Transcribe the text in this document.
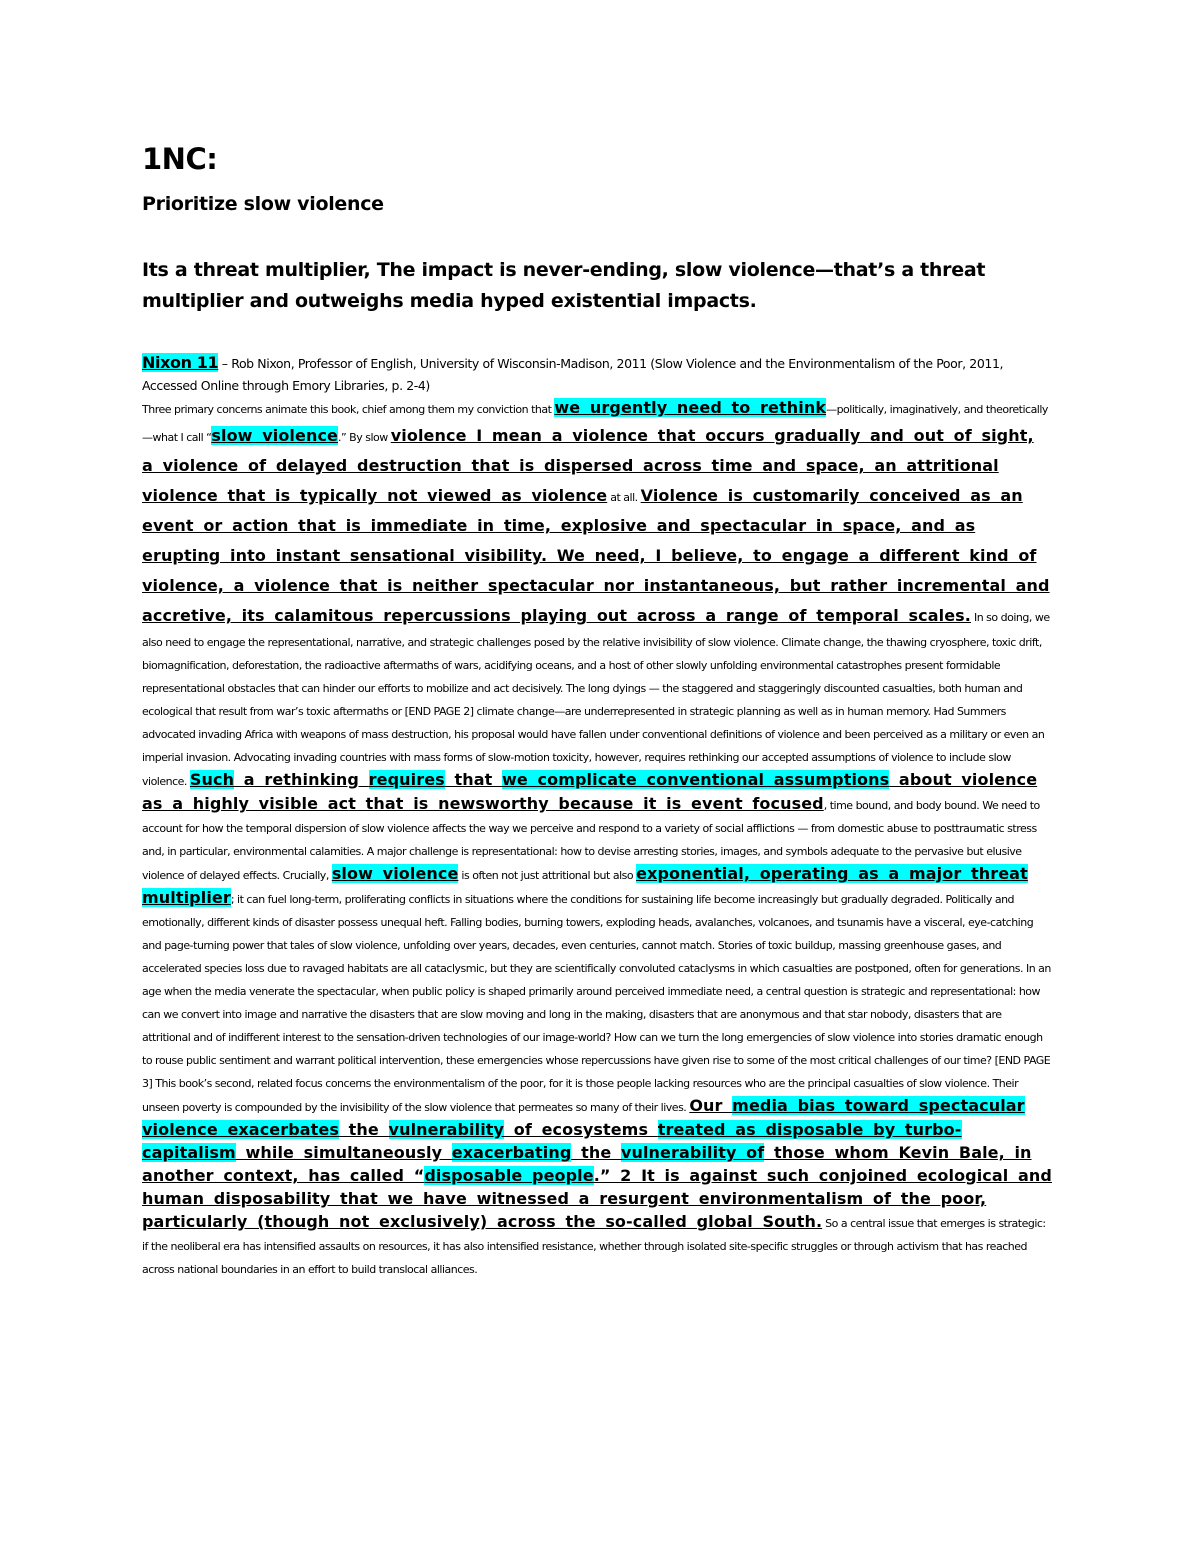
1NC:
Prioritize slow violence

Its a threat multiplier, The impact is never-ending, slow violence—that’s a threat multiplier and outweighs media hyped existential impacts.

Nixon 11 – Rob Nixon, Professor of English, University of Wisconsin-Madison, 2011 (Slow Violence and the Environmentalism of the Poor, 2011, Accessed Online through Emory Libraries, p. 2-4)
Three primary concerns animate this book, chief among them my conviction that we urgently need to rethink—politically, imaginatively, and theoretically—what I call “slow violence.” By slow violence I mean a violence that occurs gradually and out of sight, a violence of delayed destruction that is dispersed across time and space, an attritional violence that is typically not viewed as violence at all. Violence is customarily conceived as an event or action that is immediate in time, explosive and spectacular in space, and as erupting into instant sensational visibility. We need, I believe, to engage a different kind of violence, a violence that is neither spectacular nor instantaneous, but rather incremental and accretive, its calamitous repercussions playing out across a range of temporal scales. In so doing, we also need to engage the representational, narrative, and strategic challenges posed by the relative invisibility of slow violence. Climate change, the thawing cryosphere, toxic drift, biomagnification, deforestation, the radioactive aftermaths of wars, acidifying oceans, and a host of other slowly unfolding environmental catastrophes present formidable representational obstacles that can hinder our efforts to mobilize and act decisively. The long dyings — the staggered and staggeringly discounted casualties, both human and ecological that result from war’s toxic aftermaths or [END PAGE 2] climate change—are underrepresented in strategic planning as well as in human memory. Had Summers advocated invading Africa with weapons of mass destruction, his proposal would have fallen under conventional definitions of violence and been perceived as a military or even an imperial invasion. Advocating invading countries with mass forms of slow-motion toxicity, however, requires rethinking our accepted assumptions of violence to include slow violence. Such a rethinking requires that we complicate conventional assumptions about violence as a highly visible act that is newsworthy because it is event focused, time bound, and body bound. We need to account for how the temporal dispersion of slow violence affects the way we perceive and respond to a variety of social afflictions — from domestic abuse to posttraumatic stress and, in particular, environmental calamities. A major challenge is representational: how to devise arresting stories, images, and symbols adequate to the pervasive but elusive violence of delayed effects. Crucially, slow violence is often not just attritional but also exponential, operating as a major threat multiplier; it can fuel long-term, proliferating conflicts in situations where the conditions for sustaining life become increasingly but gradually degraded. Politically and emotionally, different kinds of disaster possess unequal heft. Falling bodies, burning towers, exploding heads, avalanches, volcanoes, and tsunamis have a visceral, eye-catching and page-turning power that tales of slow violence, unfolding over years, decades, even centuries, cannot match. Stories of toxic buildup, massing greenhouse gases, and accelerated species loss due to ravaged habitats are all cataclysmic, but they are scientifically convoluted cataclysms in which casualties are postponed, often for generations. In an age when the media venerate the spectacular, when public policy is shaped primarily around perceived immediate need, a central question is strategic and representational: how can we convert into image and narrative the disasters that are slow moving and long in the making, disasters that are anonymous and that star nobody, disasters that are attritional and of indifferent interest to the sensation-driven technologies of our image-world? How can we turn the long emergencies of slow violence into stories dramatic enough to rouse public sentiment and warrant political intervention, these emergencies whose repercussions have given rise to some of the most critical challenges of our time? [END PAGE 3] This book’s second, related focus concerns the environmentalism of the poor, for it is those people lacking resources who are the principal casualties of slow violence. Their unseen poverty is compounded by the invisibility of the slow violence that permeates so many of their lives. Our media bias toward spectacular violence exacerbates the vulnerability of ecosystems treated as disposable by turbo-capitalism while simultaneously exacerbating the vulnerability of those whom Kevin Bale, in another context, has called “disposable people.” 2 It is against such conjoined ecological and human disposability that we have witnessed a resurgent environmentalism of the poor, particularly (though not exclusively) across the so-called global South. So a central issue that emerges is strategic: if the neoliberal era has intensified assaults on resources, it has also intensified resistance, whether through isolated site-specific struggles or through activism that has reached across national boundaries in an effort to build translocal alliances.
